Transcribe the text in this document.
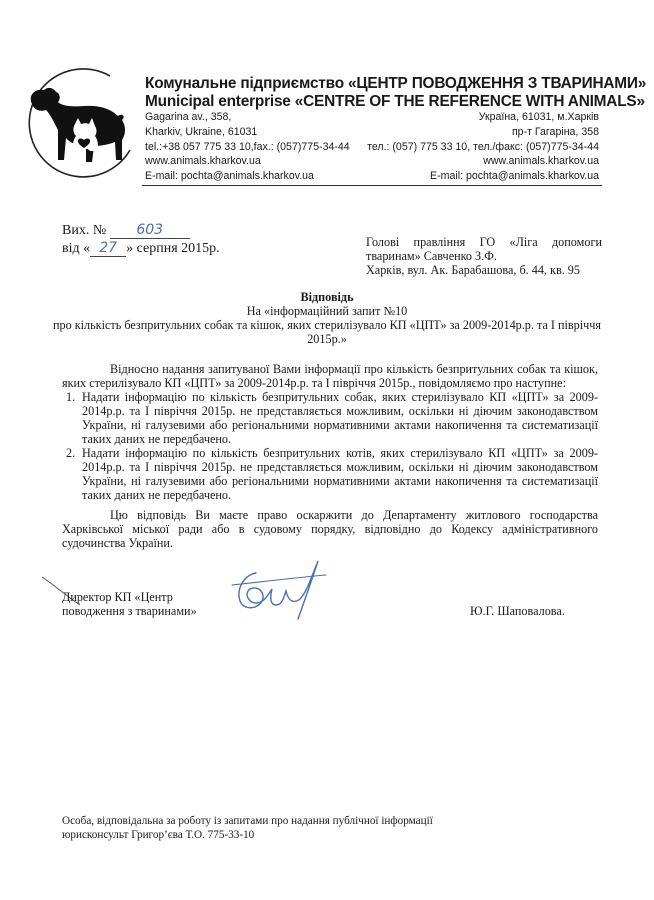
Комунальне підприємство «ЦЕНТР ПОВОДЖЕННЯ З ТВАРИНАМИ»
Municipal enterprise «CENTRE OF THE REFERENCE WITH ANIMALS»
Gagarina av., 358,
Kharkiv, Ukraine, 61031
tel.:+38 057 775 33 10,fax.: (057)775-34-44
www.animals.kharkov.ua
E-mail: pochta@animals.kharkov.ua
Україна, 61031, м.Харків
пр-т Гагаріна, 358
тел.: (057) 775 33 10, тел./факс: (057)775-34-44
www.animals.kharkov.ua
E-mail: pochta@animals.kharkov.ua
Вих. № 603
від « 27 » серпня 2015р.	Голові правління ГО «Ліга допомоги тваринам» Савченко З.Ф.
Харків, вул. Ак. Барабашова, б. 44, кв. 95
Відповідь
На «інформаційний запит №10
про кількість безпритульних собак та кішок, яких стерилізувало КП «ЦПТ» за 2009-2014р.р. та І півріччя 2015р.»

Відносно надання запитуваної Вами інформації про кількість безпритульних собак та кішок, яких стерилізувало КП «ЦПТ» за 2009-2014р.р. та І півріччя 2015р., повідомляємо про наступне:

1. Надати інформацію по кількість безпритульних собак, яких стерилізувало КП «ЦПТ» за 2009-2014р.р. та І півріччя 2015р. не представляється можливим, оскільки ні діючим законодавством України, ні галузевими або регіональними нормативними актами накопичення та систематизації таких даних не передбачено.

2. Надати інформацію по кількість безпритульних котів, яких стерилізувало КП «ЦПТ» за 2009-2014р.р. та І півріччя 2015р. не представляється можливим, оскільки ні діючим законодавством України, ні галузевими або регіональними нормативними актами накопичення та систематизації таких даних не передбачено.

Цю відповідь Ви маєте право оскаржити до Департаменту житлового господарства Харківської міської ради або в судовому порядку, відповідно до Кодексу адміністративного судочинства України.

Директор КП «Центр
поводження з тваринами»	Ю.Г. Шаповалова.
Особа, відповідальна за роботу із запитами про надання публічної інформації
юрисконсульт Григор’єва Т.О. 775-33-10
